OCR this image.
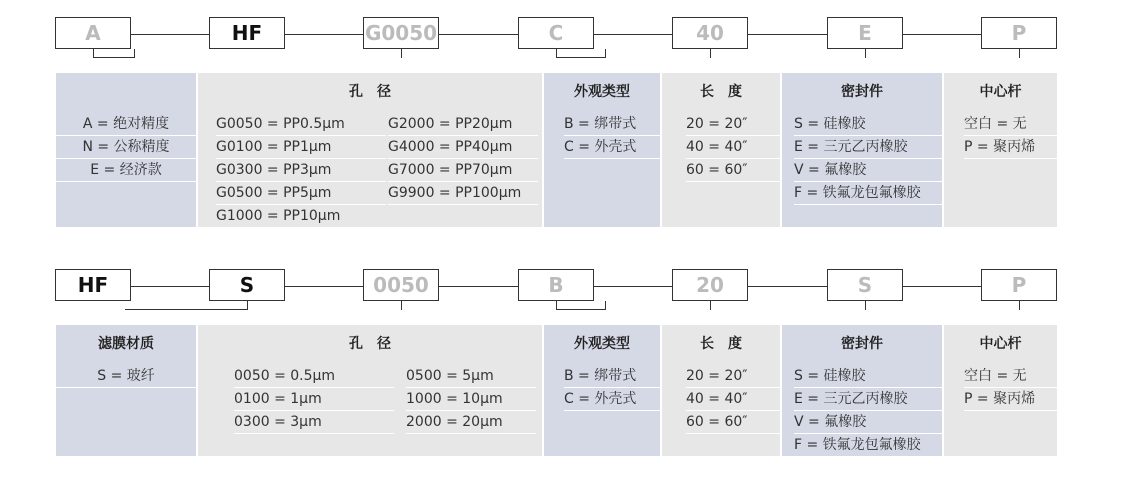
A	HF	G0050	C	40	E	P
A = 绝对精度
N = 公称精度
E = 经济款
孔　径
G0050 = PP0.5μm
G0100 = PP1μm
G0300 = PP3μm
G0500 = PP5μm
G1000 = PP10μm
G2000 = PP20μm
G4000 = PP40μm
G7000 = PP70μm
G9900 = PP100μm
外观类型
B = 绑带式
C = 外壳式
长　度
20 = 20″
40 = 40″
60 = 60″
密封件
S = 硅橡胶
E = 三元乙丙橡胶
V = 氟橡胶
F = 铁氟龙包氟橡胶
中心杆
空白 = 无
P = 聚丙烯
HF	S	0050	B	20	S	P
滤膜材质
S = 玻纤
孔　径
0050 = 0.5μm
0100 = 1μm
0300 = 3μm
0500 = 5μm
1000 = 10μm
2000 = 20μm
外观类型
B = 绑带式
C = 外壳式
长　度
20 = 20″
40 = 40″
60 = 60″
密封件
S = 硅橡胶
E = 三元乙丙橡胶
V = 氟橡胶
F = 铁氟龙包氟橡胶
中心杆
空白 = 无
P = 聚丙烯
